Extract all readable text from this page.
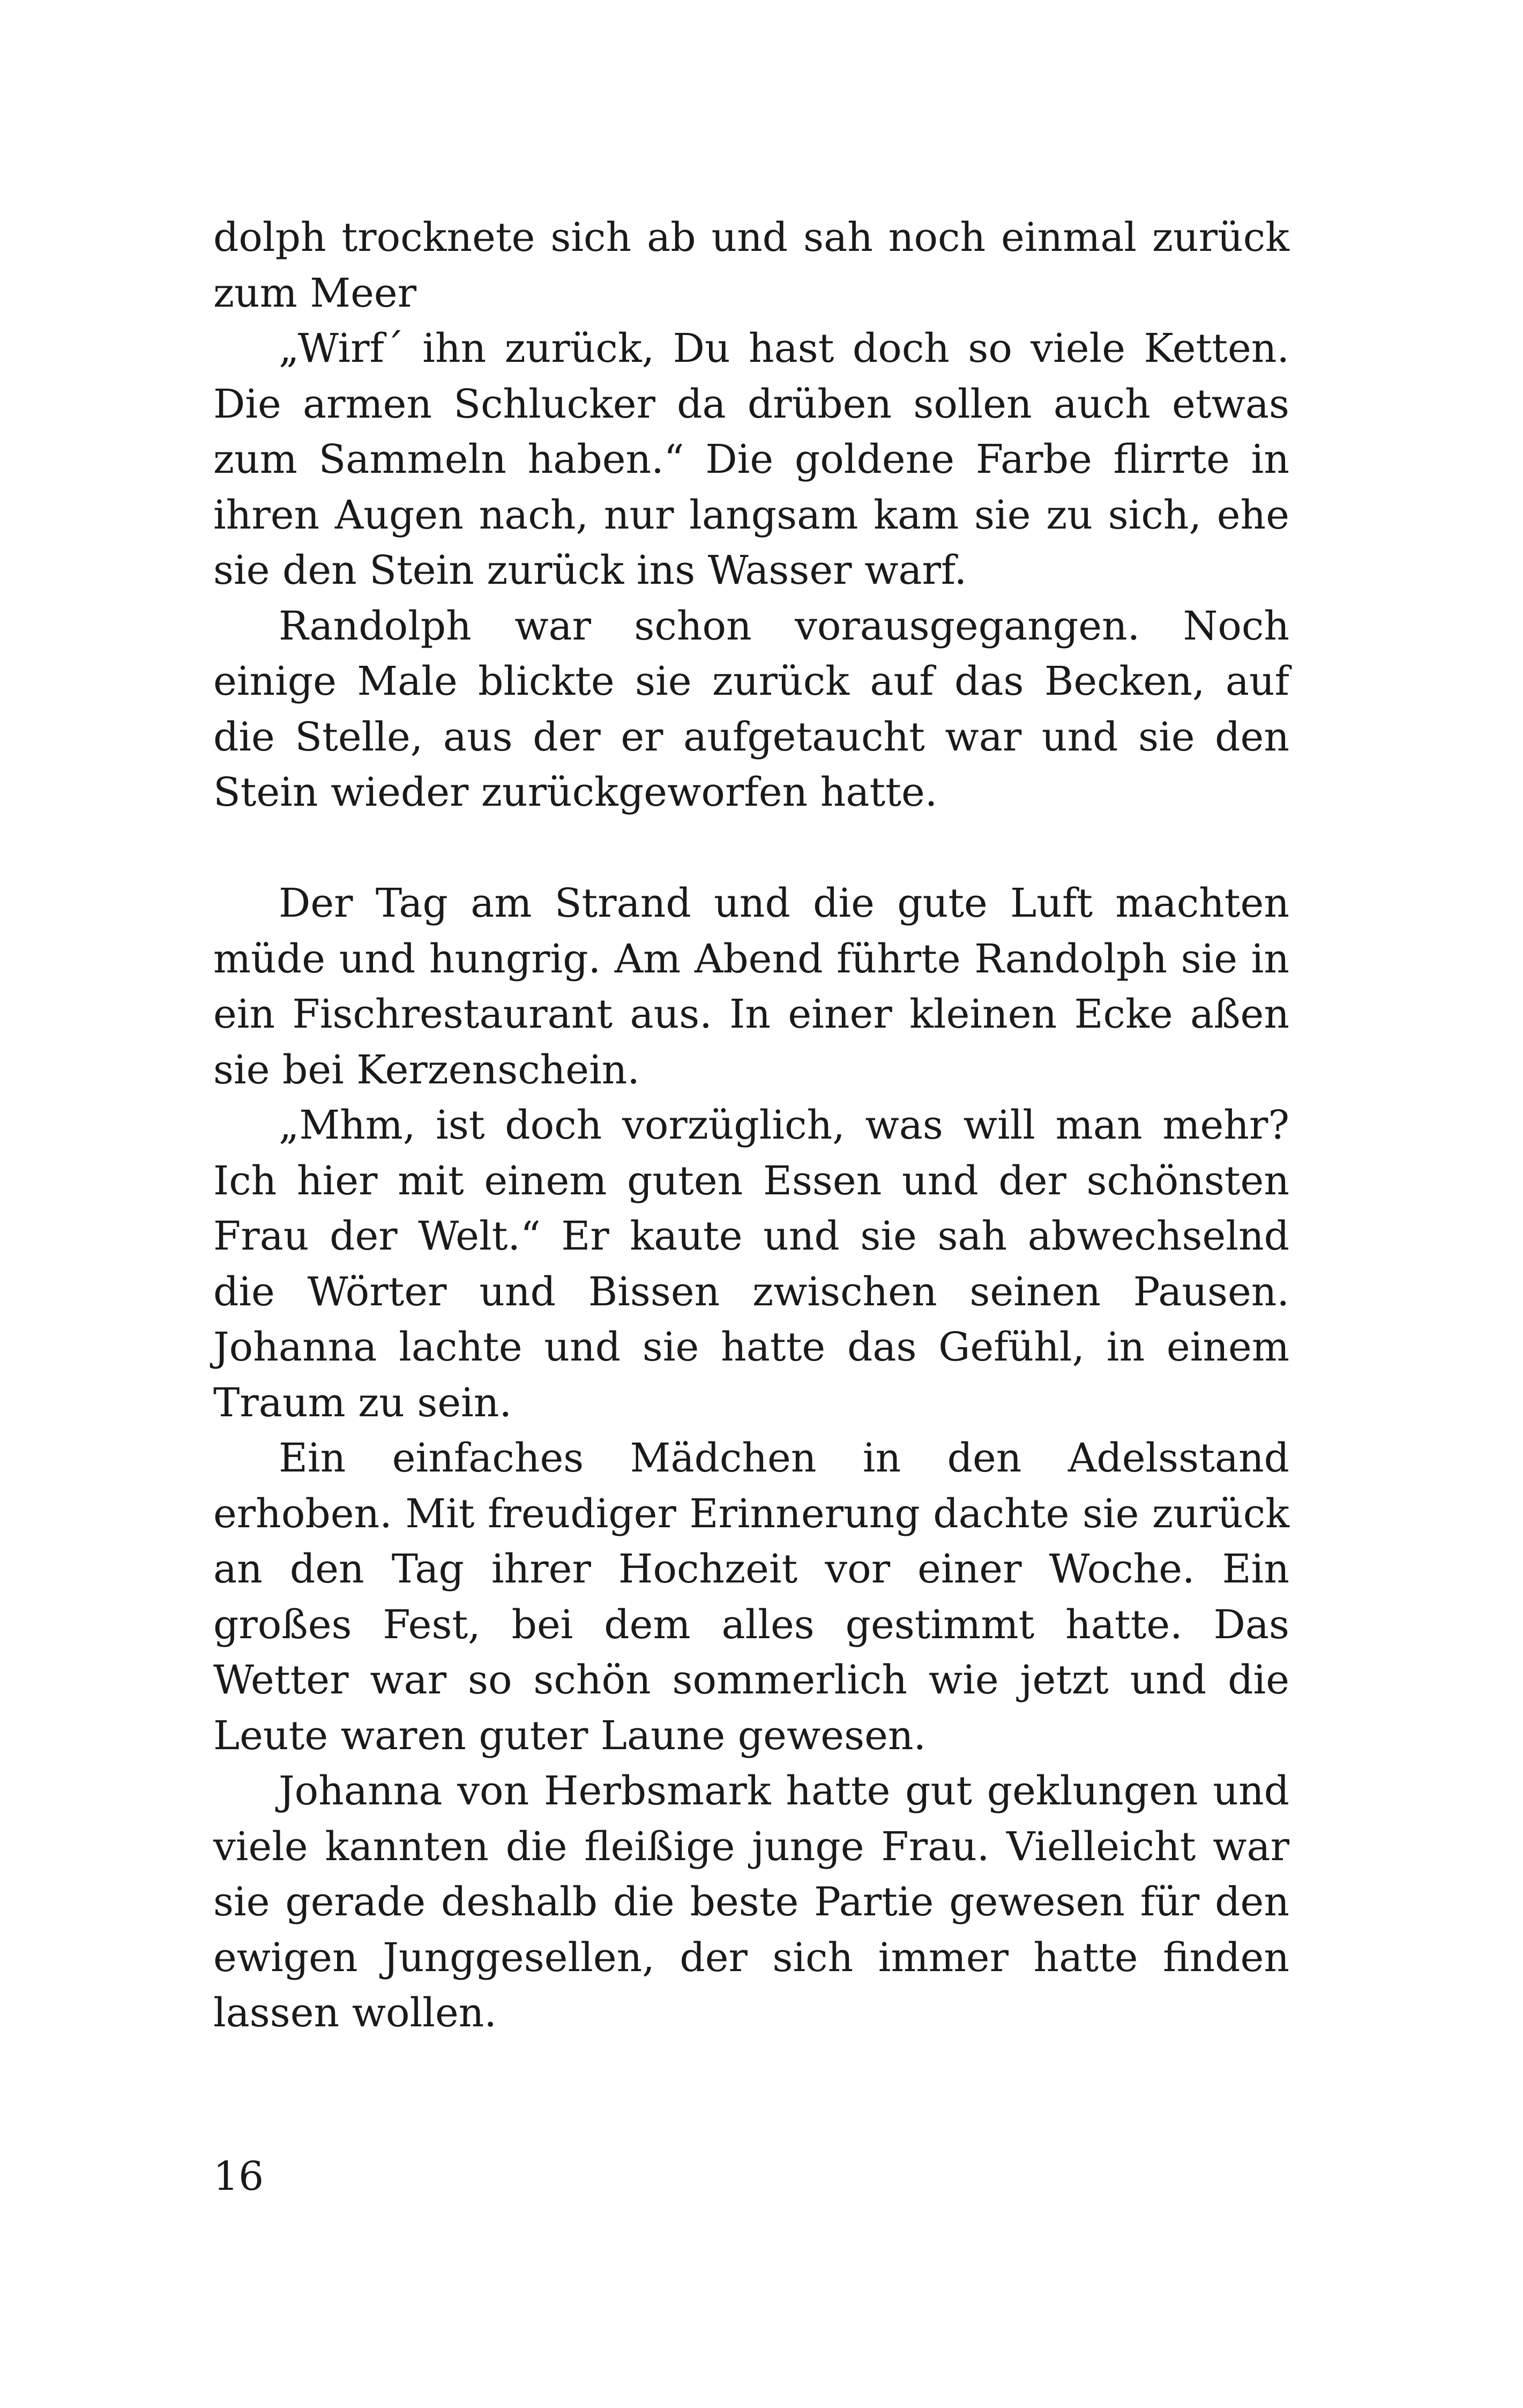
dolph trocknete sich ab und sah noch einmal zurück zum Meer

„Wirf´ ihn zurück, Du hast doch so viele Ketten. Die armen Schlucker da drüben sollen auch etwas zum Sammeln haben.“ Die goldene Farbe flirrte in ihren Augen nach, nur langsam kam sie zu sich, ehe sie den Stein zurück ins Wasser warf.

Randolph war schon vorausgegangen. Noch einige Male blickte sie zurück auf das Becken, auf die Stelle, aus der er aufgetaucht war und sie den Stein wieder zurückgeworfen hatte.

Der Tag am Strand und die gute Luft machten müde und hungrig. Am Abend führte Randolph sie in ein Fischrestaurant aus. In einer kleinen Ecke aßen sie bei Kerzenschein.

„Mhm, ist doch vorzüglich, was will man mehr? Ich hier mit einem guten Essen und der schönsten Frau der Welt.“ Er kaute und sie sah abwechselnd die Wörter und Bissen zwischen seinen Pausen. Johanna lachte und sie hatte das Gefühl, in einem Traum zu sein.

Ein einfaches Mädchen in den Adelsstand erhoben. Mit freudiger Erinnerung dachte sie zurück an den Tag ihrer Hochzeit vor einer Woche. Ein großes Fest, bei dem alles gestimmt hatte. Das Wetter war so schön sommerlich wie jetzt und die Leute waren guter Laune gewesen.

Johanna von Herbsmark hatte gut geklungen und viele kannten die fleißige junge Frau. Vielleicht war sie gerade deshalb die beste Partie gewesen für den ewigen Junggesellen, der sich immer hatte finden lassen wollen.

16
